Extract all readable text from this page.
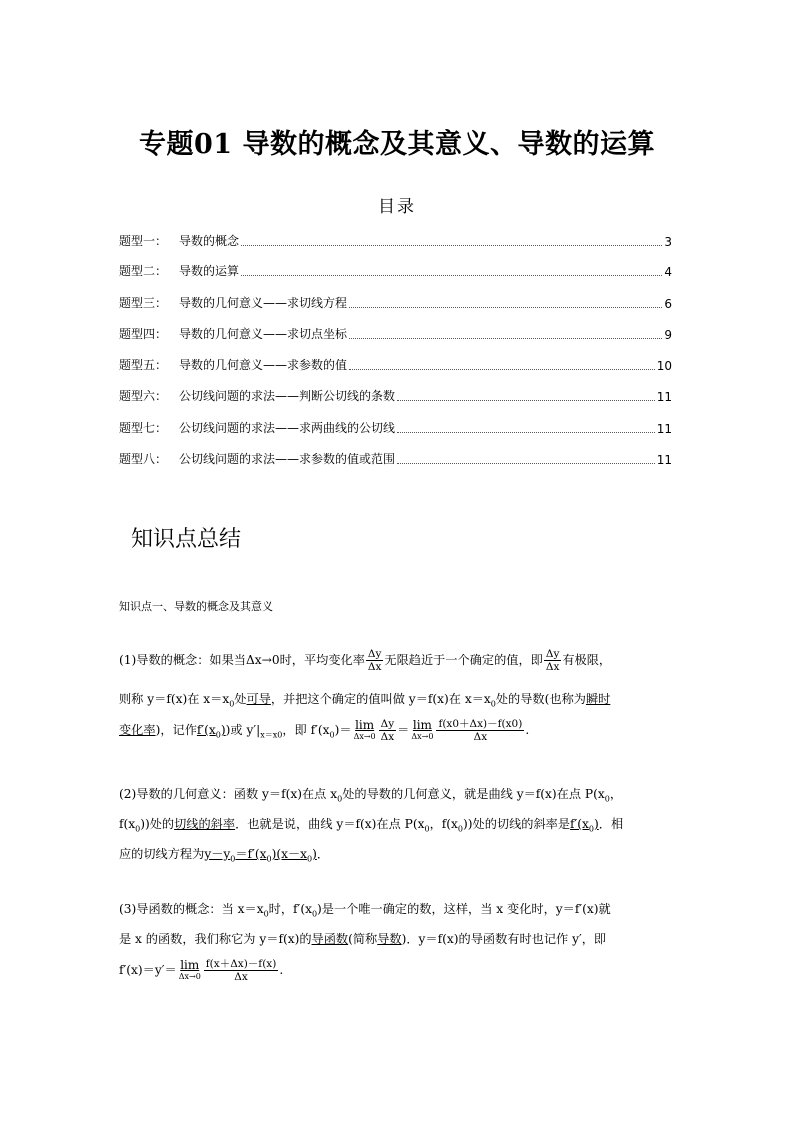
专题01 导数的概念及其意义、导数的运算
目录
题型一： 导数的概念	3
题型二： 导数的运算	4
题型三： 导数的几何意义——求切线方程	6
题型四： 导数的几何意义——求切点坐标	9
题型五： 导数的几何意义——求参数的值	10
题型六： 公切线问题的求法——判断公切线的条数	11
题型七： 公切线问题的求法——求两曲线的公切线	11
题型八： 公切线问题的求法——求参数的值或范围	11
知识点总结
知识点一、导数的概念及其意义
(1)导数的概念：如果当Δx→0时，平均变化率 $\frac{\Delta y}{\Delta x}$ 无限趋近于一个确定的值，即 $\frac{\Delta y}{\Delta x}$ 有极限，
则称 y＝f(x)在 $x=x_0$处可导，并把这个确定的值叫做 y＝f(x)在 $x=x_0$处的导数(也称为瞬时
变化率)，记作$f'(x_0)$)或 $y'|_{x=x0}$，即 $f'(x_0)= \lim$
$\Delta x\to 0 \frac{\Delta y}{\Delta x} = \lim$
$\Delta x\to 0 \frac{f(x0+\Delta x)-f(x0)}{\Delta x}$ .
(2)导数的几何意义：函数 y＝f(x)在点 $x_0$处的导数的几何意义，就是曲线 y＝f(x)在点 $P(x_0$，
$f(x_0)$)处的切线的斜率．也就是说，曲线 y＝f(x)在点 $P(x_0$，$f(x_0)$)处的切线的斜率是$f'(x_0)$．相
应的切线方程为$y-y_0=f'(x_0)(x-x_0)$．
(3)导函数的概念：当 $x=x_0$时，$f'(x_0)$是一个唯一确定的数，这样，当 x 变化时，y＝f′(x)就
是 x 的函数，我们称它为 y＝f(x)的导函数(简称导数)．y＝f(x)的导函数有时也记作 y′，即
f′(x)＝y′＝ lim
$\Delta x\to 0 \frac{f(x+\Delta x)-f(x)}{\Delta x}$ .
